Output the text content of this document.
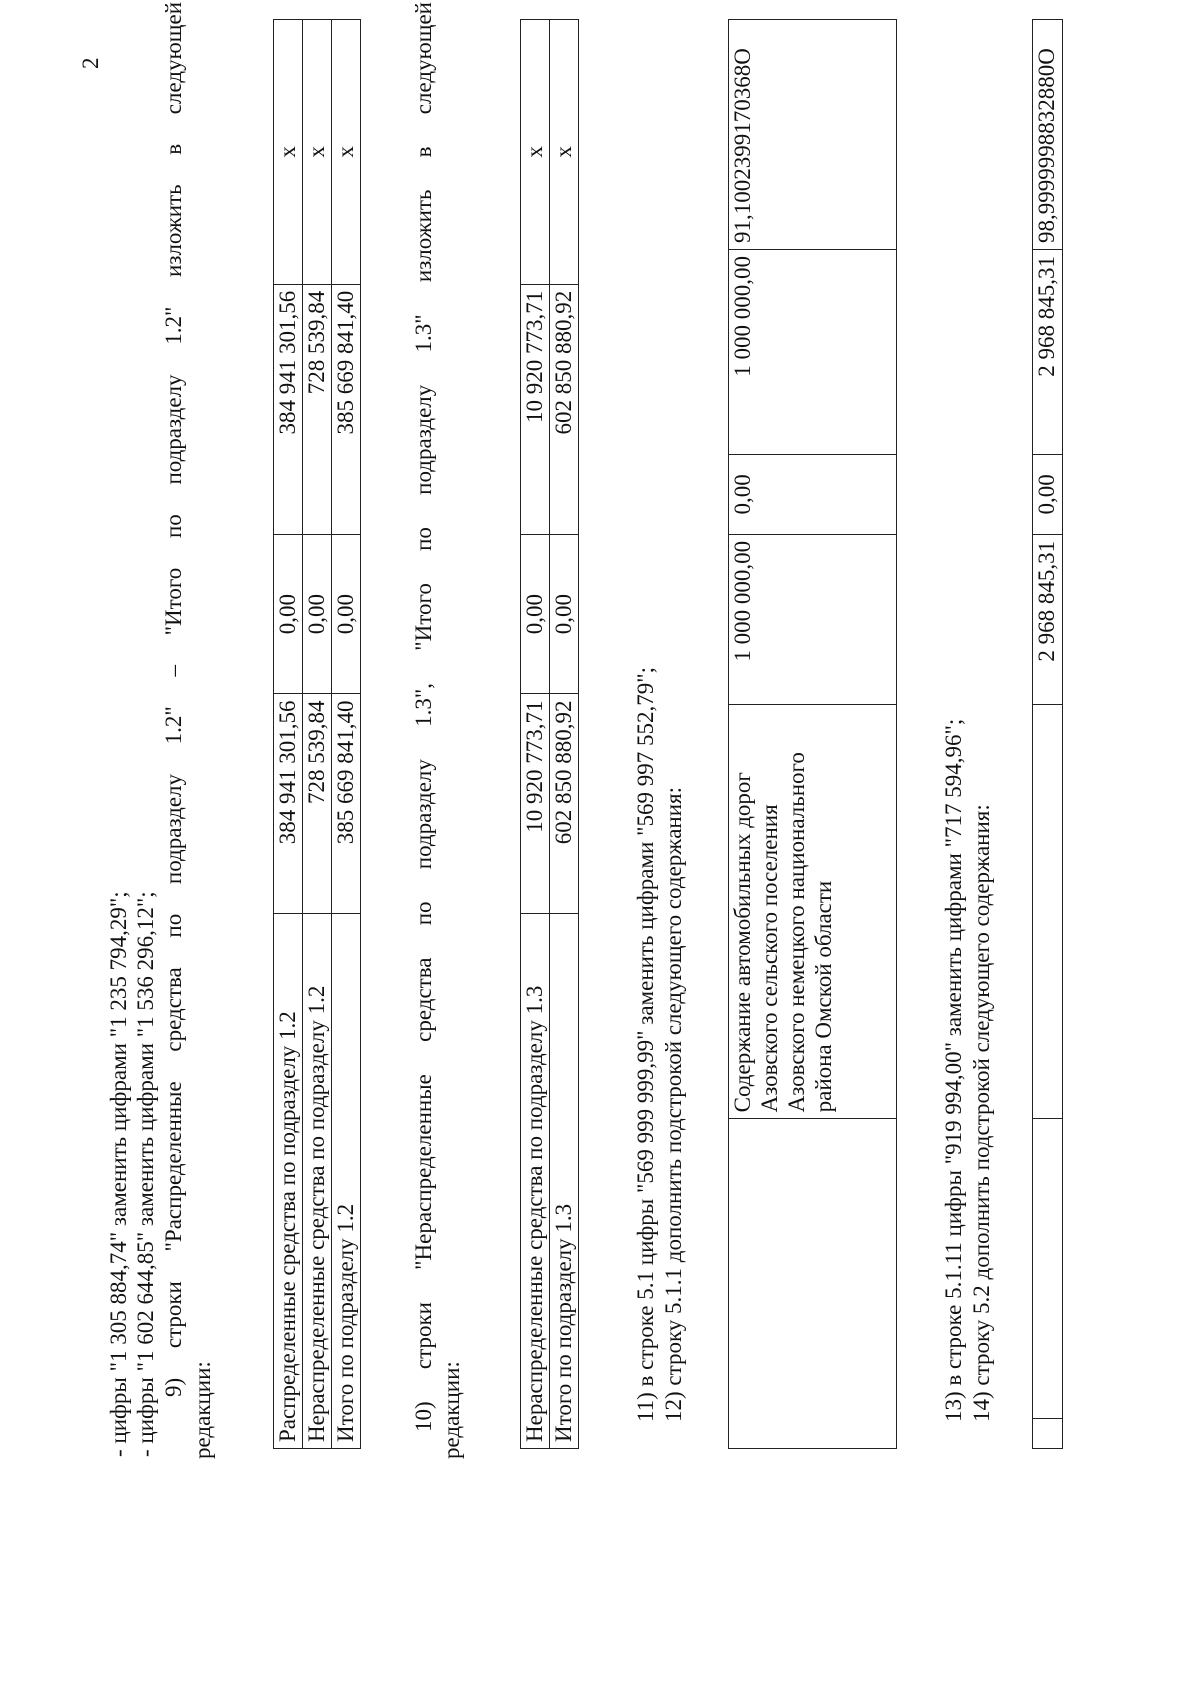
2
- цифры "1 305 884,74" заменить цифрами "1 235 794,29"; - цифры "1 602 644,85" заменить цифрами "1 536 296,12"; 9) строки "Распределенные средства по подразделу 1.2" – "Итого по подразделу 1.2" изложить в следующей
редакции:	Распределенные средства по подразделу 1.2	384 941 301,56	0,00	384 941 301,56	x
Нераспределенные средства по подразделу 1.2	728 539,84	0,00	728 539,84	x
Итого по подразделу 1.2	385 669 841,40	0,00	385 669 841,40	x 10) строки "Нераспределенные средства по подразделу 1.3", "Итого по подразделу 1.3" изложить в следующей редакции:	Нераспределенные средства по подразделу 1.3	10 920 773,71	0,00	10 920 773,71	x
Итого по подразделу 1.3	602 850 880,92	0,00	602 850 880,92	x
11) в строке 5.1 цифры "569 999 999,99" заменить цифрами "569 997 552,79"; 12) строку 5.1.1 дополнить подстрокой следующего содержания:
	Содержание автомобильных дорог Азовского сельского поселения Азовского немецкого национального района Омской области	1 000 000,00	0,00	1 000 000,00	91,1002399170368О
13) в строке 5.1.11 цифры "919 994,00" заменить цифрами "717 594,96"; 14) строку 5.2 дополнить подстрокой следующего содержания:
			2 968 845,31	0,00	2 968 845,31	98,9999998832880О
